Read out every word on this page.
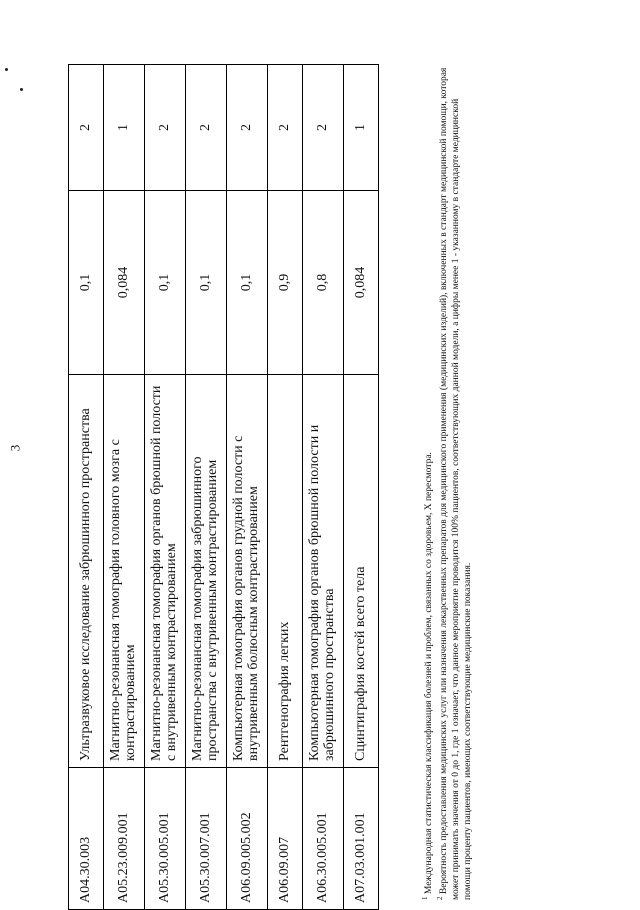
3
A04.30.003	Ультразвуковое исследование забрюшинного пространства	0,1	2
A05.23.009.001	Магнитно-резонансная томография головного мозга с контрастированием	0,084	1
A05.30.005.001	Магнитно-резонансная томография органов брюшной полости с внутривенным контрастированием	0,1	2
A05.30.007.001	Магнитно-резонансная томография забрюшинного пространства с внутривенным контрастированием	0,1	2
A06.09.005.002	Компьютерная томография органов грудной полости с внутривенным болюсным контрастированием	0,1	2
A06.09.007	Рентгенография легких	0,9	2
A06.30.005.001	Компьютерная томография органов брюшной полости и забрюшинного пространства	0,8	2
A07.03.001.001	Сцинтиграфия костей всего тела	0,084	1

$^1$ Международная статистическая классификация болезней и проблем, связанных со здоровьем, X пересмотра.

$^2$ Вероятность предоставления медицинских услуг или назначения лекарственных препаратов для медицинского применения (медицинских изделий), включенных в стандарт медицинской помощи, которая может принимать значения от 0 до 1, где 1 означает, что данное мероприятие проводится 100% пациентов, соответствующих данной модели, а цифры менее 1 - указанному в стандарте медицинской помощи проценту пациентов, имеющих соответствующие медицинские показания.
